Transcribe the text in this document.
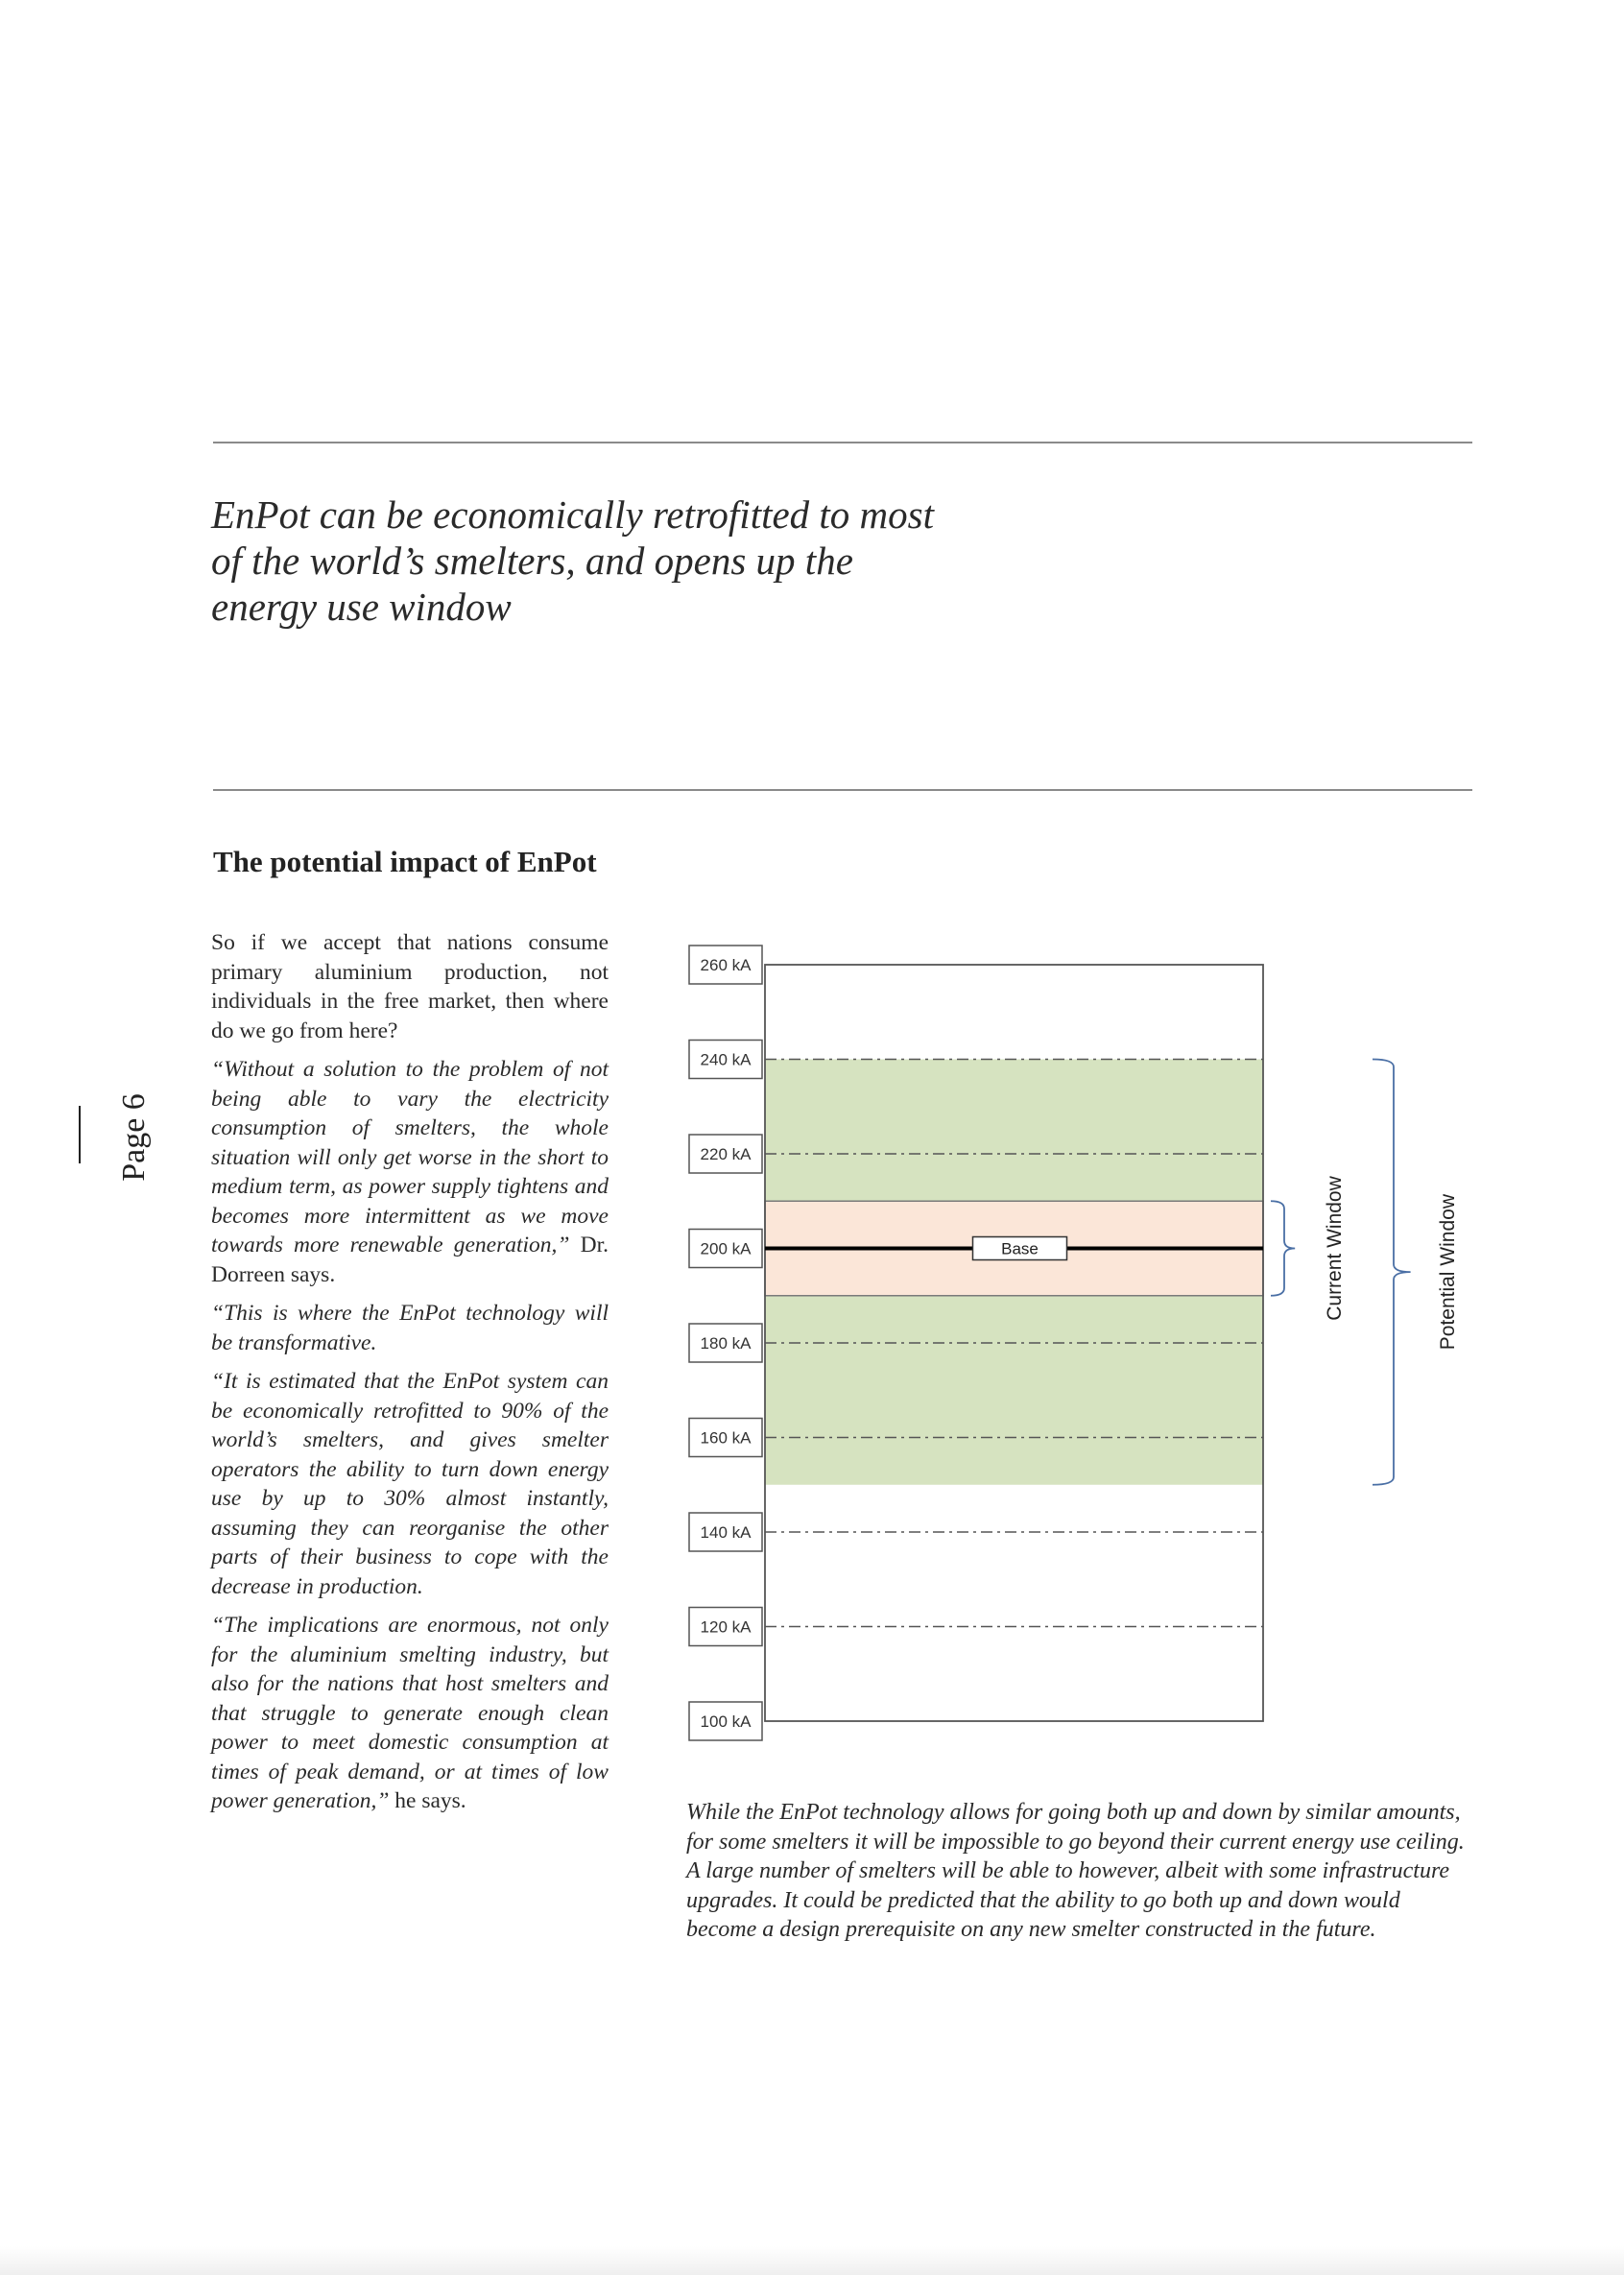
EnPot can be economically retrofitted to most of the world’s smelters, and opens up the energy use window
Page 6
The potential impact of EnPot

So if we accept that nations consume primary aluminium production, not individuals in the free market, then where do we go from here?

“Without a solution to the problem of not being able to vary the electricity consumption of smelters, the whole situation will only get worse in the short to medium term, as power supply tightens and becomes more intermittent as we move towards more renewable generation,” Dr. Dorreen says.

“This is where the EnPot technology will be transformative.

“It is estimated that the EnPot system can be economically retrofitted to 90% of the world’s smelters, and gives smelter operators the ability to turn down energy use by up to 30% almost instantly, assuming they can reorganise the other parts of their business to cope with the decrease in production.

“The implications are enormous, not only for the aluminium smelting industry, but also for the nations that host smelters and that struggle to generate enough clean power to meet domestic consumption at times of peak demand, or at times of low power generation,” he says.

260 kA
240 kA
220 kA
200 kA
180 kA
160 kA
140 kA
120 kA
100 kA
Base	Current Window	Potential Window

While the EnPot technology allows for going both up and down by similar amounts, for some smelters it will be impossible to go beyond their current energy use ceiling. A large number of smelters will be able to however, albeit with some infrastructure upgrades. It could be predicted that the ability to go both up and down would become a design prerequisite on any new smelter constructed in the future.
